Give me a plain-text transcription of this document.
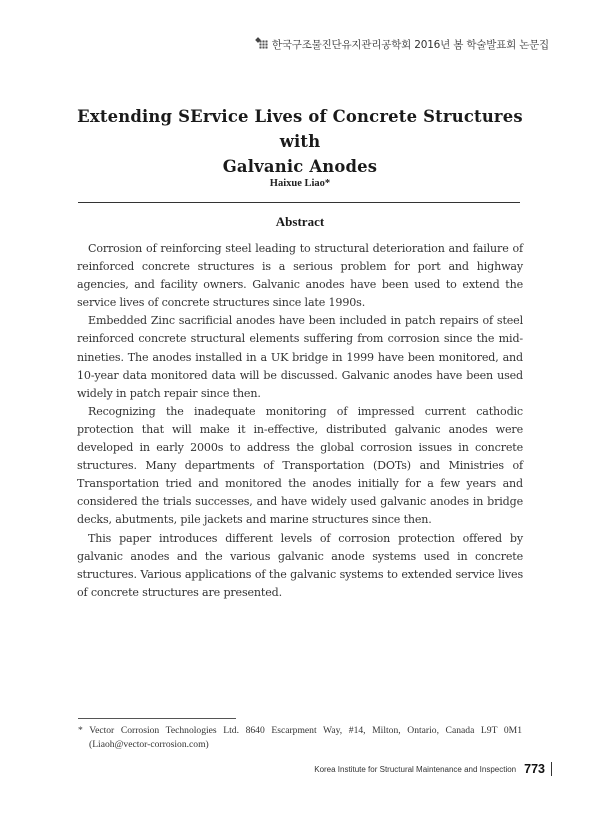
한국구조물진단유지관리공학회 2016년 봄 학술발표회 논문집
Extending SErvice Lives of Concrete Structures with
Galvanic Anodes
Haixue Liao*
Abstract

Corrosion of reinforcing steel leading to structural deterioration and failure of reinforced concrete structures is a serious problem for port and highway agencies, and facility owners. Galvanic anodes have been used to extend the service lives of concrete structures since late 1990s.

Embedded Zinc sacrificial anodes have been included in patch repairs of steel reinforced concrete structural elements suffering from corrosion since the mid-nineties. The anodes installed in a UK bridge in 1999 have been monitored, and 10-year data monitored data will be discussed. Galvanic anodes have been used widely in patch repair since then.

Recognizing the inadequate monitoring of impressed current cathodic protection that will make it in-effective, distributed galvanic anodes were developed in early 2000s to address the global corrosion issues in concrete structures. Many departments of Transportation (DOTs) and Ministries of Transportation tried and monitored the anodes initially for a few years and considered the trials successes, and have widely used galvanic anodes in bridge decks, abutments, pile jackets and marine structures since then.

This paper introduces different levels of corrosion protection offered by galvanic anodes and the various galvanic anode systems used in concrete structures. Various applications of the galvanic systems to extended service lives of concrete structures are presented.

* Vector Corrosion Technologies Ltd. 8640 Escarpment Way, #14, Milton, Ontario, Canada L9T 0M1
(Liaoh@vector-corrosion.com)
Korea Institute for Structural Maintenance and Inspection 773
